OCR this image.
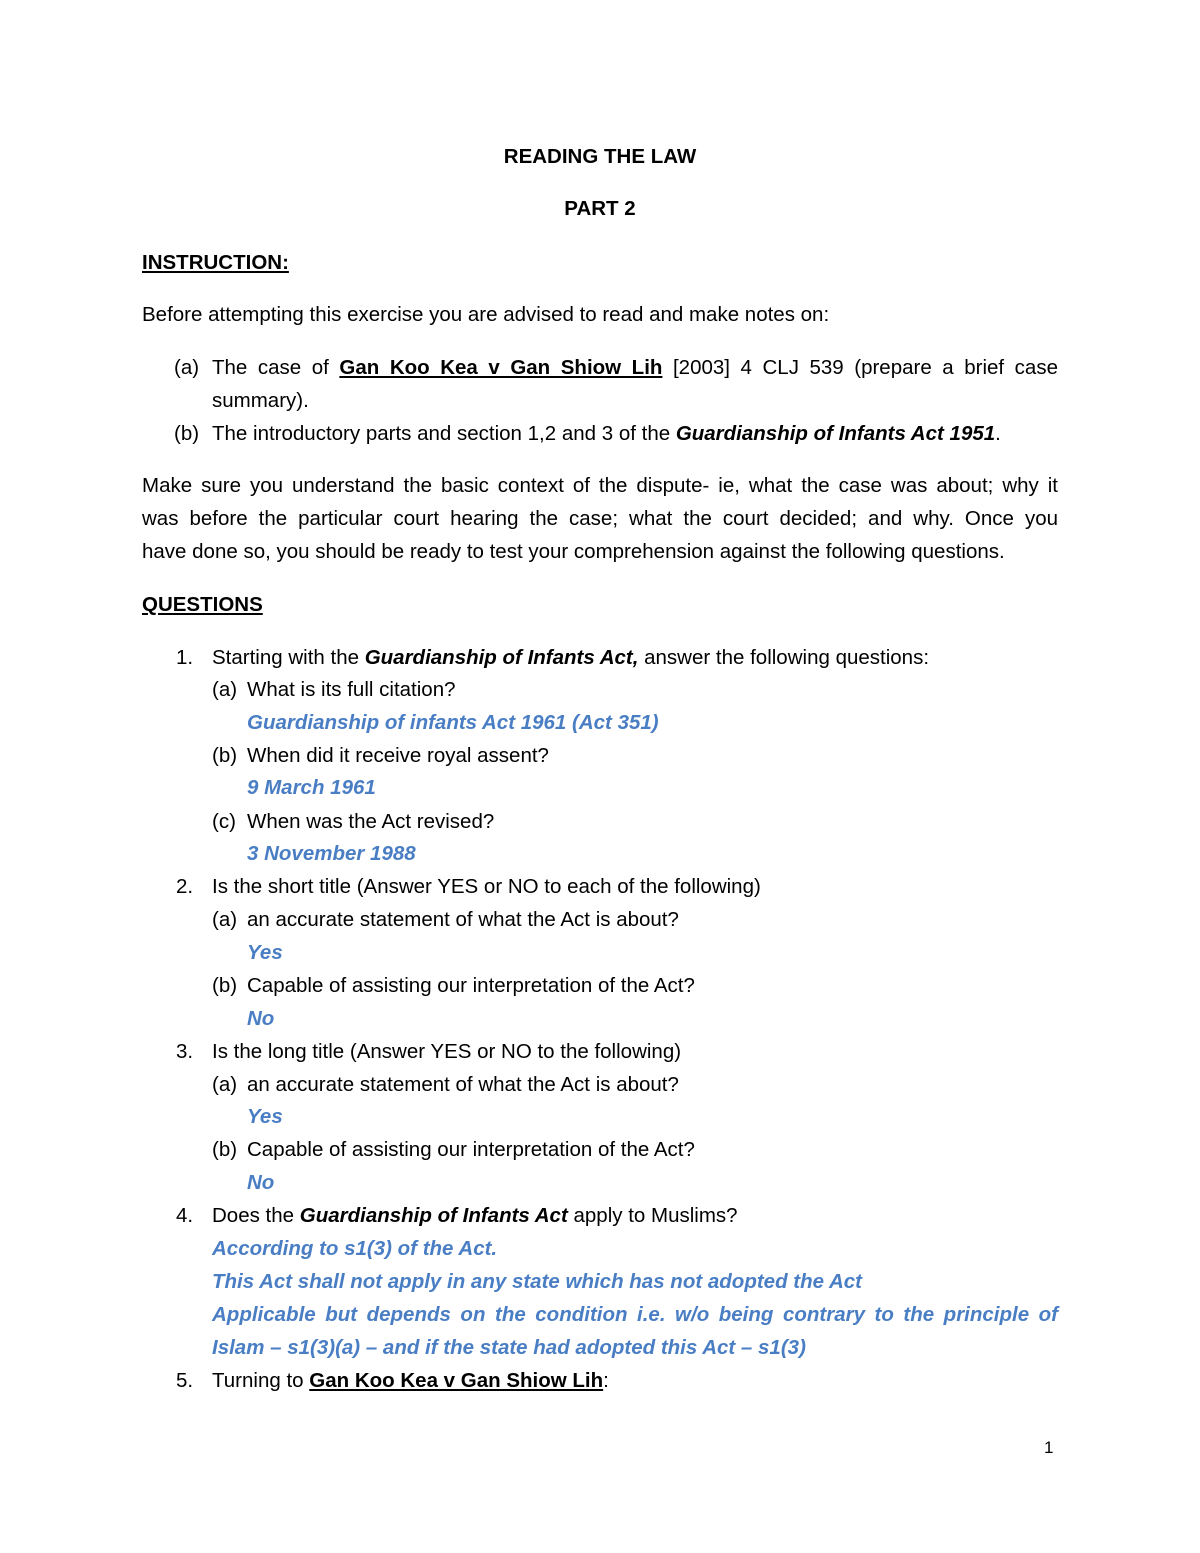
READING THE LAW
PART 2
INSTRUCTION:
Before attempting this exercise you are advised to read and make notes on:
(a) The case of Gan Koo Kea v Gan Shiow Lih [2003] 4 CLJ 539 (prepare a brief case
summary).
(b) The introductory parts and section 1,2 and 3 of the Guardianship of Infants Act 1951.
Make sure you understand the basic context of the dispute- ie, what the case was about; why it
was before the particular court hearing the case; what the court decided; and why. Once you
have done so, you should be ready to test your comprehension against the following questions.
QUESTIONS
1. Starting with the Guardianship of Infants Act, answer the following questions:
(a) What is its full citation?
Guardianship of infants Act 1961 (Act 351)
(b) When did it receive royal assent?
9 March 1961
(c) When was the Act revised?
3 November 1988
2. Is the short title (Answer YES or NO to each of the following)
(a) an accurate statement of what the Act is about?
Yes
(b) Capable of assisting our interpretation of the Act?
No
3. Is the long title (Answer YES or NO to the following)
(a) an accurate statement of what the Act is about?
Yes
(b) Capable of assisting our interpretation of the Act?
No
4. Does the Guardianship of Infants Act apply to Muslims?
According to s1(3) of the Act.
This Act shall not apply in any state which has not adopted the Act
Applicable but depends on the condition i.e. w/o being contrary to the principle of
Islam – s1(3)(a) – and if the state had adopted this Act – s1(3)
5. Turning to Gan Koo Kea v Gan Shiow Lih:
1
